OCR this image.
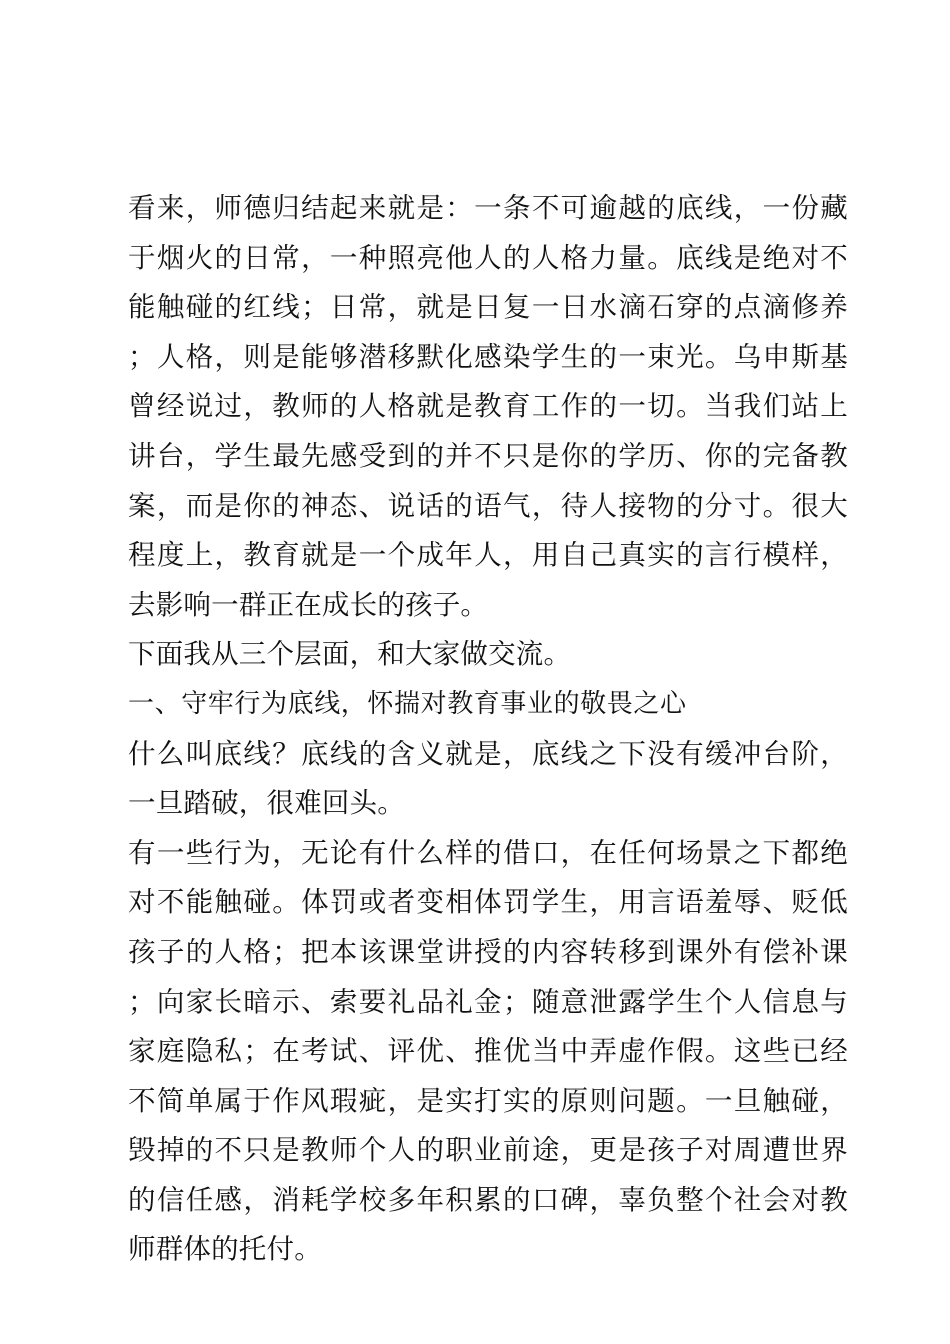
看来，师德归结起来就是：一条不可逾越的底线，一份藏于烟火的日常，一种照亮他人的人格力量。底线是绝对不能触碰的红线；日常，就是日复一日水滴石穿的点滴修养；人格，则是能够潜移默化感染学生的一束光。乌申斯基曾经说过，教师的人格就是教育工作的一切。当我们站上讲台，学生最先感受到的并不只是你的学历、你的完备教案，而是你的神态、说话的语气，待人接物的分寸。很大程度上，教育就是一个成年人，用自己真实的言行模样，去影响一群正在成长的孩子。

下面我从三个层面，和大家做交流。

一、守牢行为底线，怀揣对教育事业的敬畏之心

什么叫底线？底线的含义就是，底线之下没有缓冲台阶，一旦踏破，很难回头。

有一些行为，无论有什么样的借口，在任何场景之下都绝对不能触碰。体罚或者变相体罚学生，用言语羞辱、贬低孩子的人格；把本该课堂讲授的内容转移到课外有偿补课；向家长暗示、索要礼品礼金；随意泄露学生个人信息与家庭隐私；在考试、评优、推优当中弄虚作假。这些已经不简单属于作风瑕疵，是实打实的原则问题。一旦触碰，毁掉的不只是教师个人的职业前途，更是孩子对周遭世界的信任感，消耗学校多年积累的口碑，辜负整个社会对教师群体的托付。
